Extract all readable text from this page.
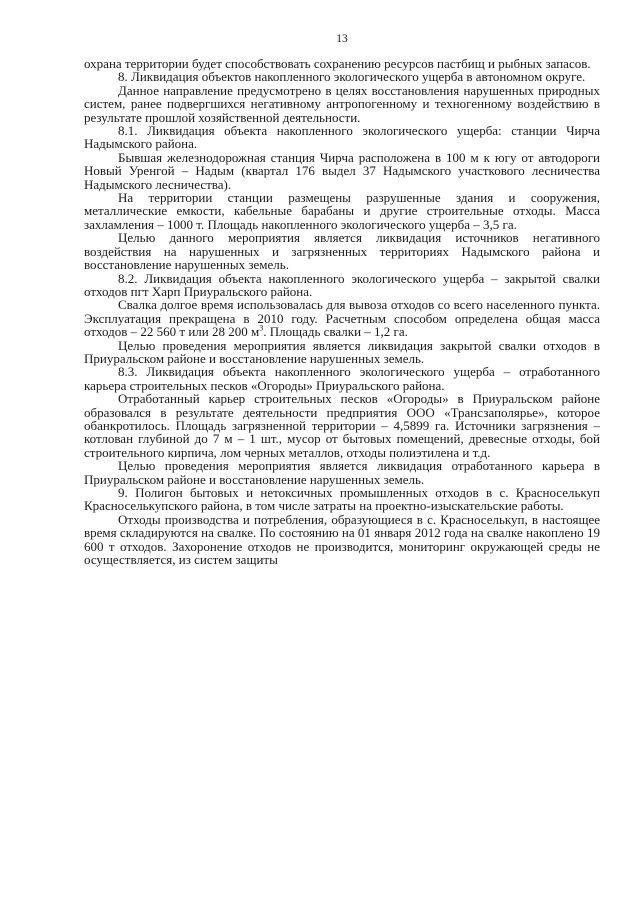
13

охрана территории будет способствовать сохранению ресурсов пастбищ и рыбных запасов.

8. Ликвидация объектов накопленного экологического ущерба в автономном округе.

Данное направление предусмотрено в целях восстановления нарушенных природных систем, ранее подвергшихся негативному антропогенному и техногенному воздействию в результате прошлой хозяйственной деятельности.

8.1. Ликвидация объекта накопленного экологического ущерба: станции Чирча Надымского района.

Бывшая железнодорожная станция Чирча расположена в 100 м к югу от автодороги Новый Уренгой – Надым (квартал 176 выдел 37 Надымского участкового лесничества Надымского лесничества).

На территории станции размещены разрушенные здания и сооружения, металлические емкости, кабельные барабаны и другие строительные отходы. Масса захламления – 1000 т. Площадь накопленного экологического ущерба – 3,5 га.

Целью данного мероприятия является ликвидация источников негативного воздействия на нарушенных и загрязненных территориях Надымского района и восстановление нарушенных земель.

8.2. Ликвидация объекта накопленного экологического ущерба – закрытой свалки отходов пгт Харп Приуральского района.

Свалка долгое время использовалась для вывоза отходов со всего населенного пункта. Эксплуатация прекращена в 2010 году. Расчетным способом определена общая масса отходов – 22 560 т или 28 200 $м^3$. Площадь свалки – 1,2 га.

Целью проведения мероприятия является ликвидация закрытой свалки отходов в Приуральском районе и восстановление нарушенных земель.

8.3. Ликвидация объекта накопленного экологического ущерба – отработанного карьера строительных песков «Огороды» Приуральского района.

Отработанный карьер строительных песков «Огороды» в Приуральском районе образовался в результате деятельности предприятия ООО «Трансзаполярье», которое обанкротилось. Площадь загрязненной территории – 4,5899 га. Источники загрязнения – котлован глубиной до 7 м – 1 шт., мусор от бытовых помещений, древесные отходы, бой строительного кирпича, лом черных металлов, отходы полиэтилена и т.д.

Целью проведения мероприятия является ликвидация отработанного карьера в Приуральском районе и восстановление нарушенных земель.

9. Полигон бытовых и нетоксичных промышленных отходов в с. Красноселькуп Красноселькупского района, в том числе затраты на проектно-изыскательские работы.

Отходы производства и потребления, образующиеся в с. Красноселькуп, в настоящее время складируются на свалке. По состоянию на 01 января 2012 года на свалке накоплено 19 600 т отходов. Захоронение отходов не производится, мониторинг окружающей среды не осуществляется, из систем защиты
